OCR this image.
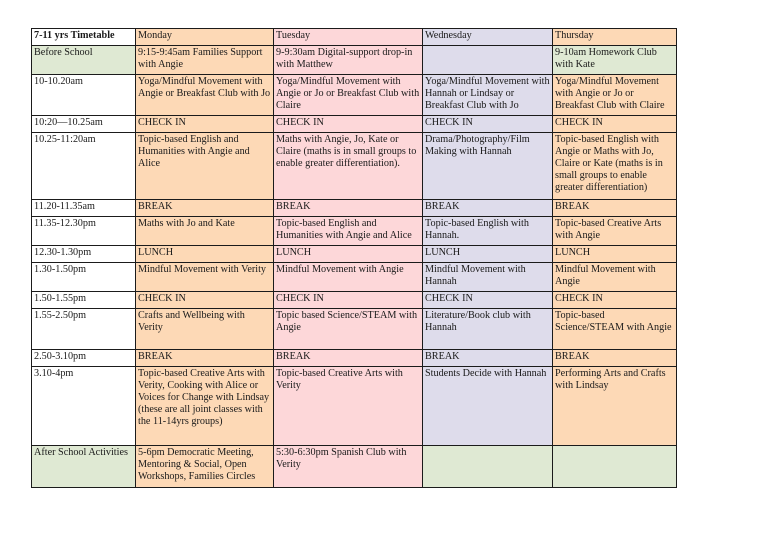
7-11 yrs Timetable	Monday	Tuesday	Wednesday	Thursday
Before School	9:15-9:45am Families Support with Angie	9-9:30am Digital-support drop-in with Matthew		9-10am Homework Club with Kate
10-10.20am	Yoga/Mindful Movement with Angie or Breakfast Club with Jo	Yoga/Mindful Movement with Angie or Jo or Breakfast Club with Claire	Yoga/Mindful Movement with Hannah or Lindsay or Breakfast Club with Jo	Yoga/Mindful Movement with Angie or Jo or Breakfast Club with Claire
10:20—10.25am	CHECK IN	CHECK IN	CHECK IN	CHECK IN
10.25-11:20am	Topic-based English and Humanities with Angie and Alice	Maths with Angie, Jo, Kate or Claire (maths is in small groups to enable greater differentiation).	Drama/Photography/Film Making with Hannah	Topic-based English with Angie or Maths with Jo, Claire or Kate (maths is in small groups to enable greater differentiation)
11.20-11.35am	BREAK	BREAK	BREAK	BREAK
11.35-12.30pm	Maths with Jo and Kate	Topic-based English and Humanities with Angie and Alice	Topic-based English with Hannah.	Topic-based Creative Arts with Angie
12.30-1.30pm	LUNCH	LUNCH	LUNCH	LUNCH
1.30-1.50pm	Mindful Movement with Verity	Mindful Movement with Angie	Mindful Movement with Hannah	Mindful Movement with Angie
1.50-1.55pm	CHECK IN	CHECK IN	CHECK IN	CHECK IN
1.55-2.50pm	Crafts and Wellbeing with Verity	Topic based Science/STEAM with Angie	Literature/Book club with Hannah	Topic-based Science/STEAM with Angie
2.50-3.10pm	BREAK	BREAK	BREAK	BREAK
3.10-4pm	Topic-based Creative Arts with Verity, Cooking with Alice or Voices for Change with Lindsay (these are all joint classes with the 11-14yrs groups)	Topic-based Creative Arts with Verity	Students Decide with Hannah	Performing Arts and Crafts with Lindsay
After School Activities	5-6pm Democratic Meeting, Mentoring & Social, Open Workshops, Families Circles	5:30-6:30pm Spanish Club with Verity		
